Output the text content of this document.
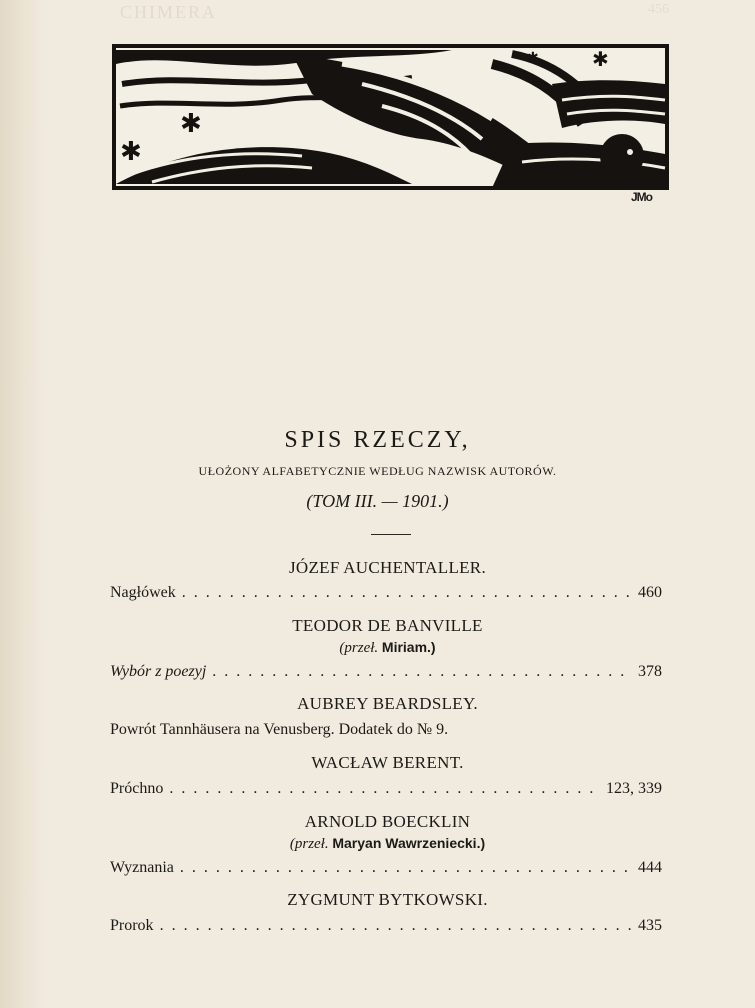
CHIMERA	456
✱
✱
✱
✱
JMo
SPIS RZECZY,
UŁOŻONY ALFABETYCZNIE WEDŁUG NAZWISK AUTORÓW.
(TOM III. — 1901.)
JÓZEF AUCHENTALLER.
Nagłówek . . .	460
TEODOR DE BANVILLE
(przeł. Miriam.)
Wybór z poezyj . . .	378
AUBREY BEARDSLEY.
Powrót Tannhäusera na Venusberg. Dodatek do № 9.
WACŁAW BERENT.
Próchno . . .	123, 339
ARNOLD BOECKLIN
(przeł. Maryan Wawrzeniecki.)
Wyznania . . .	444
ZYGMUNT BYTKOWSKI.
Prorok . . .	435
